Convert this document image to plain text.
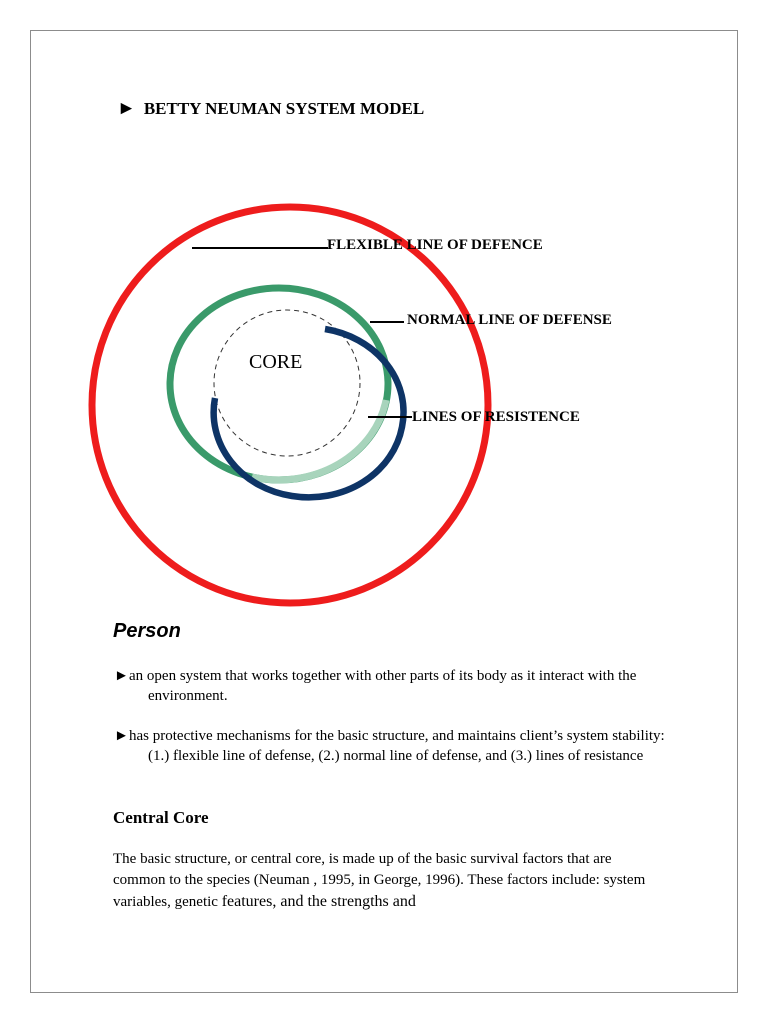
► BETTY NEUMAN SYSTEM MODEL
FLEXIBLE LINE OF DEFENCE
NORMAL LINE OF DEFENSE
LINES OF RESISTENCE
CORE
Person
►an open system that works together with other parts of its body as it interact with the environment.
►has protective mechanisms for the basic structure, and maintains client’s system stability: (1.) flexible line of defense, (2.) normal line of defense, and (3.) lines of resistance
Central Core
The basic structure, or central core, is made up of the basic survival factors that are common to the species (Neuman , 1995, in George, 1996). These factors include: system variables, genetic features, and the strengths and
